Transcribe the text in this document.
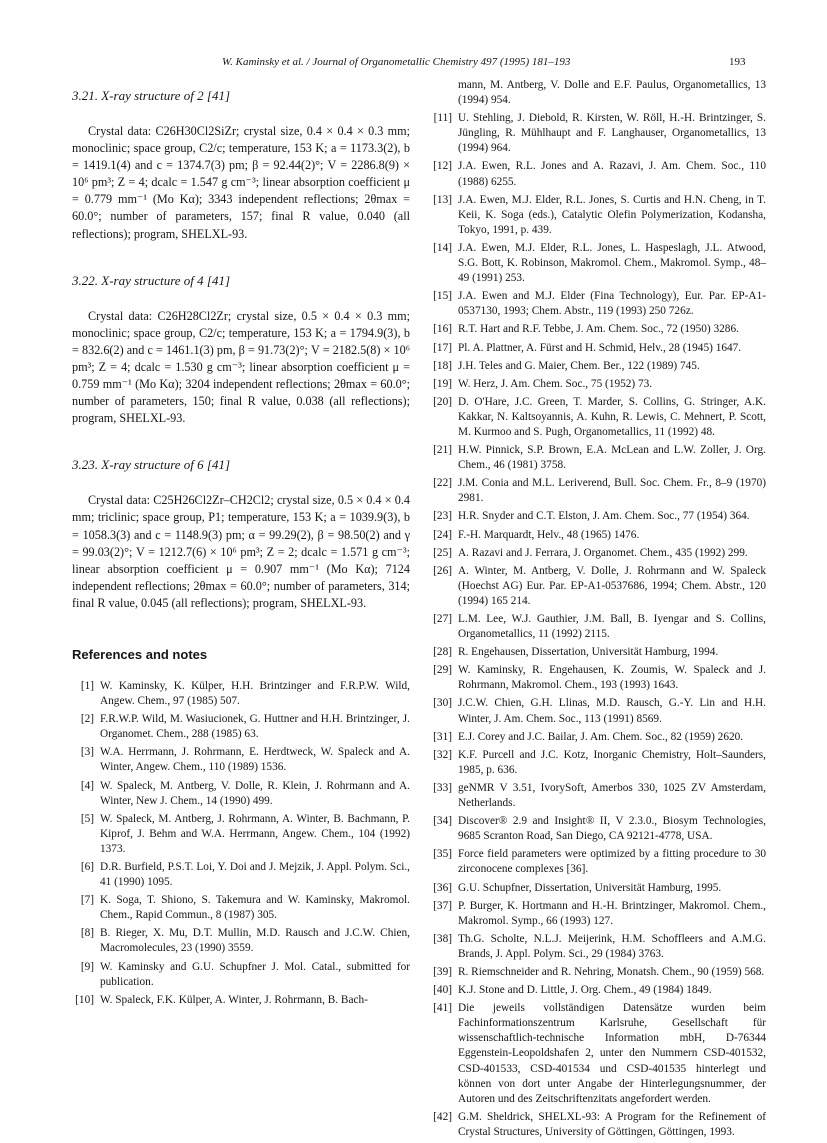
W. Kaminsky et al. / Journal of Organometallic Chemistry 497 (1995) 181–193	193

3.21. X-ray structure of 2 [41]

Crystal data: C26H30Cl2SiZr; crystal size, 0.4 × 0.4 × 0.3 mm; monoclinic; space group, C2/c; temperature, 153 K; a = 1173.3(2), b = 1419.1(4) and c = 1374.7(3) pm; β = 92.44(2)°; V = 2286.8(9) × 10⁶ pm³; Z = 4; dcalc = 1.547 g cm⁻³; linear absorption coefficient μ = 0.779 mm⁻¹ (Mo Kα); 3343 independent reflections; 2θmax = 60.0°; number of parameters, 157; final R value, 0.040 (all reflections); program, SHELXL-93.

3.22. X-ray structure of 4 [41]

Crystal data: C26H28Cl2Zr; crystal size, 0.5 × 0.4 × 0.3 mm; monoclinic; space group, C2/c; temperature, 153 K; a = 1794.9(3), b = 832.6(2) and c = 1461.1(3) pm, β = 91.73(2)°; V = 2182.5(8) × 10⁶ pm³; Z = 4; dcalc = 1.530 g cm⁻³; linear absorption coefficient μ = 0.759 mm⁻¹ (Mo Kα); 3204 independent reflections; 2θmax = 60.0°; number of parameters, 150; final R value, 0.038 (all reflections); program, SHELXL-93.

3.23. X-ray structure of 6 [41]

Crystal data: C25H26Cl2Zr–CH2Cl2; crystal size, 0.5 × 0.4 × 0.4 mm; triclinic; space group, P1; temperature, 153 K; a = 1039.9(3), b = 1058.3(3) and c = 1148.9(3) pm; α = 99.29(2), β = 98.50(2) and γ = 99.03(2)°; V = 1212.7(6) × 10⁶ pm³; Z = 2; dcalc = 1.571 g cm⁻³; linear absorption coefficient μ = 0.907 mm⁻¹ (Mo Kα); 7124 independent reflections; 2θmax = 60.0°; number of parameters, 314; final R value, 0.045 (all reflections); program, SHELXL-93.

References and notes

[1] W. Kaminsky, K. Külper, H.H. Brintzinger and F.R.P.W. Wild, Angew. Chem., 97 (1985) 507.
[2] F.R.W.P. Wild, M. Wasiucionek, G. Huttner and H.H. Brintzinger, J. Organomet. Chem., 288 (1985) 63.
[3] W.A. Herrmann, J. Rohrmann, E. Herdtweck, W. Spaleck and A. Winter, Angew. Chem., 110 (1989) 1536.
[4] W. Spaleck, M. Antberg, V. Dolle, R. Klein, J. Rohrmann and A. Winter, New J. Chem., 14 (1990) 499.
[5] W. Spaleck, M. Antberg, J. Rohrmann, A. Winter, B. Bachmann, P. Kiprof, J. Behm and W.A. Herrmann, Angew. Chem., 104 (1992) 1373.
[6] D.R. Burfield, P.S.T. Loi, Y. Doi and J. Mejzik, J. Appl. Polym. Sci., 41 (1990) 1095.
[7] K. Soga, T. Shiono, S. Takemura and W. Kaminsky, Makromol. Chem., Rapid Commun., 8 (1987) 305.
[8] B. Rieger, X. Mu, D.T. Mullin, M.D. Rausch and J.C.W. Chien, Macromolecules, 23 (1990) 3559.
[9] W. Kaminsky and G.U. Schupfner J. Mol. Catal., submitted for publication.
[10] W. Spaleck, F.K. Külper, A. Winter, J. Rohrmann, B. Bach-
mann, M. Antberg, V. Dolle and E.F. Paulus, Organometallics, 13 (1994) 954.
[11] U. Stehling, J. Diebold, R. Kirsten, W. Röll, H.-H. Brintzinger, S. Jüngling, R. Mühlhaupt and F. Langhauser, Organometallics, 13 (1994) 964.
[12] J.A. Ewen, R.L. Jones and A. Razavi, J. Am. Chem. Soc., 110 (1988) 6255.
[13] J.A. Ewen, M.J. Elder, R.L. Jones, S. Curtis and H.N. Cheng, in T. Keii, K. Soga (eds.), Catalytic Olefin Polymerization, Kodansha, Tokyo, 1991, p. 439.
[14] J.A. Ewen, M.J. Elder, R.L. Jones, L. Haspeslagh, J.L. Atwood, S.G. Bott, K. Robinson, Makromol. Chem., Makromol. Symp., 48–49 (1991) 253.
[15] J.A. Ewen and M.J. Elder (Fina Technology), Eur. Par. EP-A1-0537130, 1993; Chem. Abstr., 119 (1993) 250 726z.
[16] R.T. Hart and R.F. Tebbe, J. Am. Chem. Soc., 72 (1950) 3286.
[17] Pl. A. Plattner, A. Fürst and H. Schmid, Helv., 28 (1945) 1647.
[18] J.H. Teles and G. Maier, Chem. Ber., 122 (1989) 745.
[19] W. Herz, J. Am. Chem. Soc., 75 (1952) 73.
[20] D. O'Hare, J.C. Green, T. Marder, S. Collins, G. Stringer, A.K. Kakkar, N. Kaltsoyannis, A. Kuhn, R. Lewis, C. Mehnert, P. Scott, M. Kurmoo and S. Pugh, Organometallics, 11 (1992) 48.
[21] H.W. Pinnick, S.P. Brown, E.A. McLean and L.W. Zoller, J. Org. Chem., 46 (1981) 3758.
[22] J.M. Conia and M.L. Leriverend, Bull. Soc. Chem. Fr., 8–9 (1970) 2981.
[23] H.R. Snyder and C.T. Elston, J. Am. Chem. Soc., 77 (1954) 364.
[24] F.-H. Marquardt, Helv., 48 (1965) 1476.
[25] A. Razavi and J. Ferrara, J. Organomet. Chem., 435 (1992) 299.
[26] A. Winter, M. Antberg, V. Dolle, J. Rohrmann and W. Spaleck (Hoechst AG) Eur. Par. EP-A1-0537686, 1994; Chem. Abstr., 120 (1994) 165 214.
[27] L.M. Lee, W.J. Gauthier, J.M. Ball, B. Iyengar and S. Collins, Organometallics, 11 (1992) 2115.
[28] R. Engehausen, Dissertation, Universität Hamburg, 1994.
[29] W. Kaminsky, R. Engehausen, K. Zoumis, W. Spaleck and J. Rohrmann, Makromol. Chem., 193 (1993) 1643.
[30] J.C.W. Chien, G.H. Llinas, M.D. Rausch, G.-Y. Lin and H.H. Winter, J. Am. Chem. Soc., 113 (1991) 8569.
[31] E.J. Corey and J.C. Bailar, J. Am. Chem. Soc., 82 (1959) 2620.
[32] K.F. Purcell and J.C. Kotz, Inorganic Chemistry, Holt–Saunders, 1985, p. 636.
[33] geNMR V 3.51, IvorySoft, Amerbos 330, 1025 ZV Amsterdam, Netherlands.
[34] Discover® 2.9 and Insight® II, V 2.3.0., Biosym Technologies, 9685 Scranton Road, San Diego, CA 92121-4778, USA.
[35] Force field parameters were optimized by a fitting procedure to 30 zirconocene complexes [36].
[36] G.U. Schupfner, Dissertation, Universität Hamburg, 1995.
[37] P. Burger, K. Hortmann and H.-H. Brintzinger, Makromol. Chem., Makromol. Symp., 66 (1993) 127.
[38] Th.G. Scholte, N.L.J. Meijerink, H.M. Schoffleers and A.M.G. Brands, J. Appl. Polym. Sci., 29 (1984) 3763.
[39] R. Riemschneider and R. Nehring, Monatsh. Chem., 90 (1959) 568.
[40] K.J. Stone and D. Little, J. Org. Chem., 49 (1984) 1849.
[41] Die jeweils vollständigen Datensätze wurden beim Fachinformationszentrum Karlsruhe, Gesellschaft für wissenschaftlich-technische Information mbH, D-76344 Eggenstein-Leopoldshafen 2, unter den Nummern CSD-401532, CSD-401533, CSD-401534 und CSD-401535 hinterlegt und können von dort unter Angabe der Hinterlegungsnummer, der Autoren und des Zeitschriftenzitats angefordert werden.
[42] G.M. Sheldrick, SHELXL-93: A Program for the Refinement of Crystal Structures, University of Göttingen, Göttingen, 1993.
